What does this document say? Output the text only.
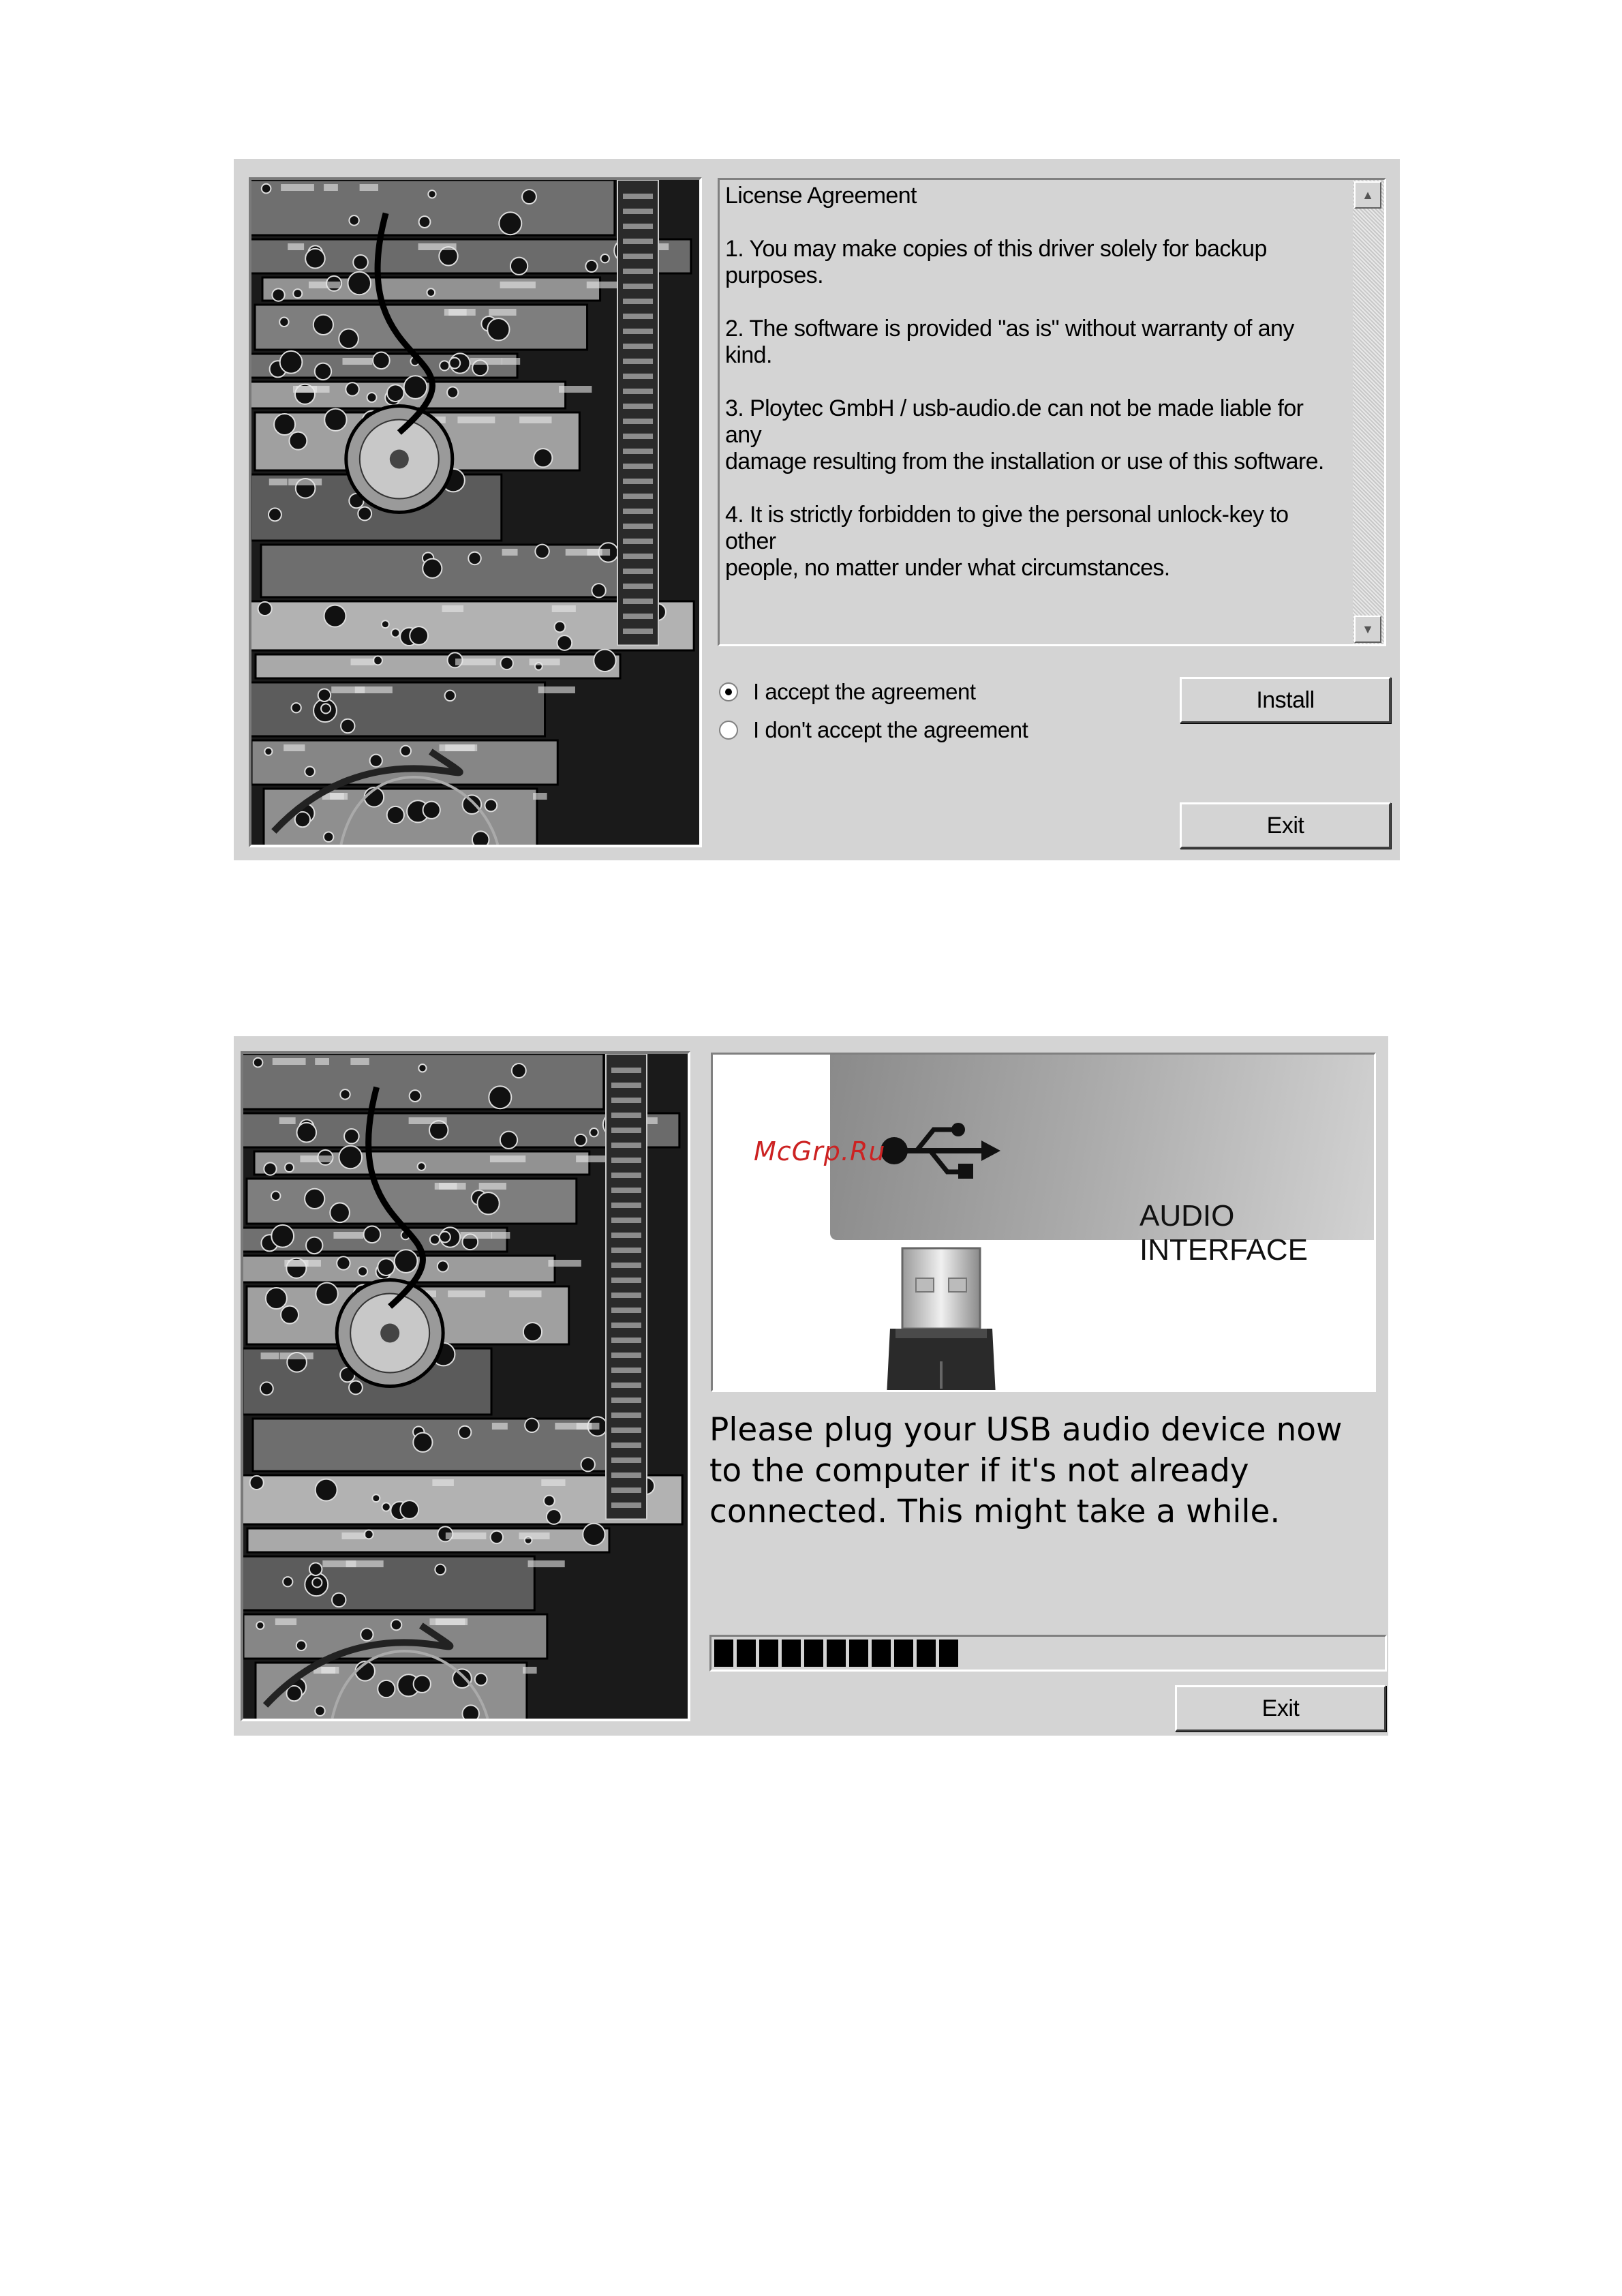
License Agreement

1. You may make copies of this driver solely for backup
purposes.

2. The software is provided "as is" without warranty of any kind.

3. Ploytec GmbH / usb-audio.de can not be made liable for any
damage resulting from the installation or use of this software.

4. It is strictly forbidden to give the personal unlock-key to other
people, no matter under what circumstances.

▲
▼
I accept the agreement
I don't accept the agreement
Install
Exit
AUDIO INTERFACE
McGrp.Ru
Please plug your USB audio device now to the computer if it's not already connected. This might take a while.
Exit
